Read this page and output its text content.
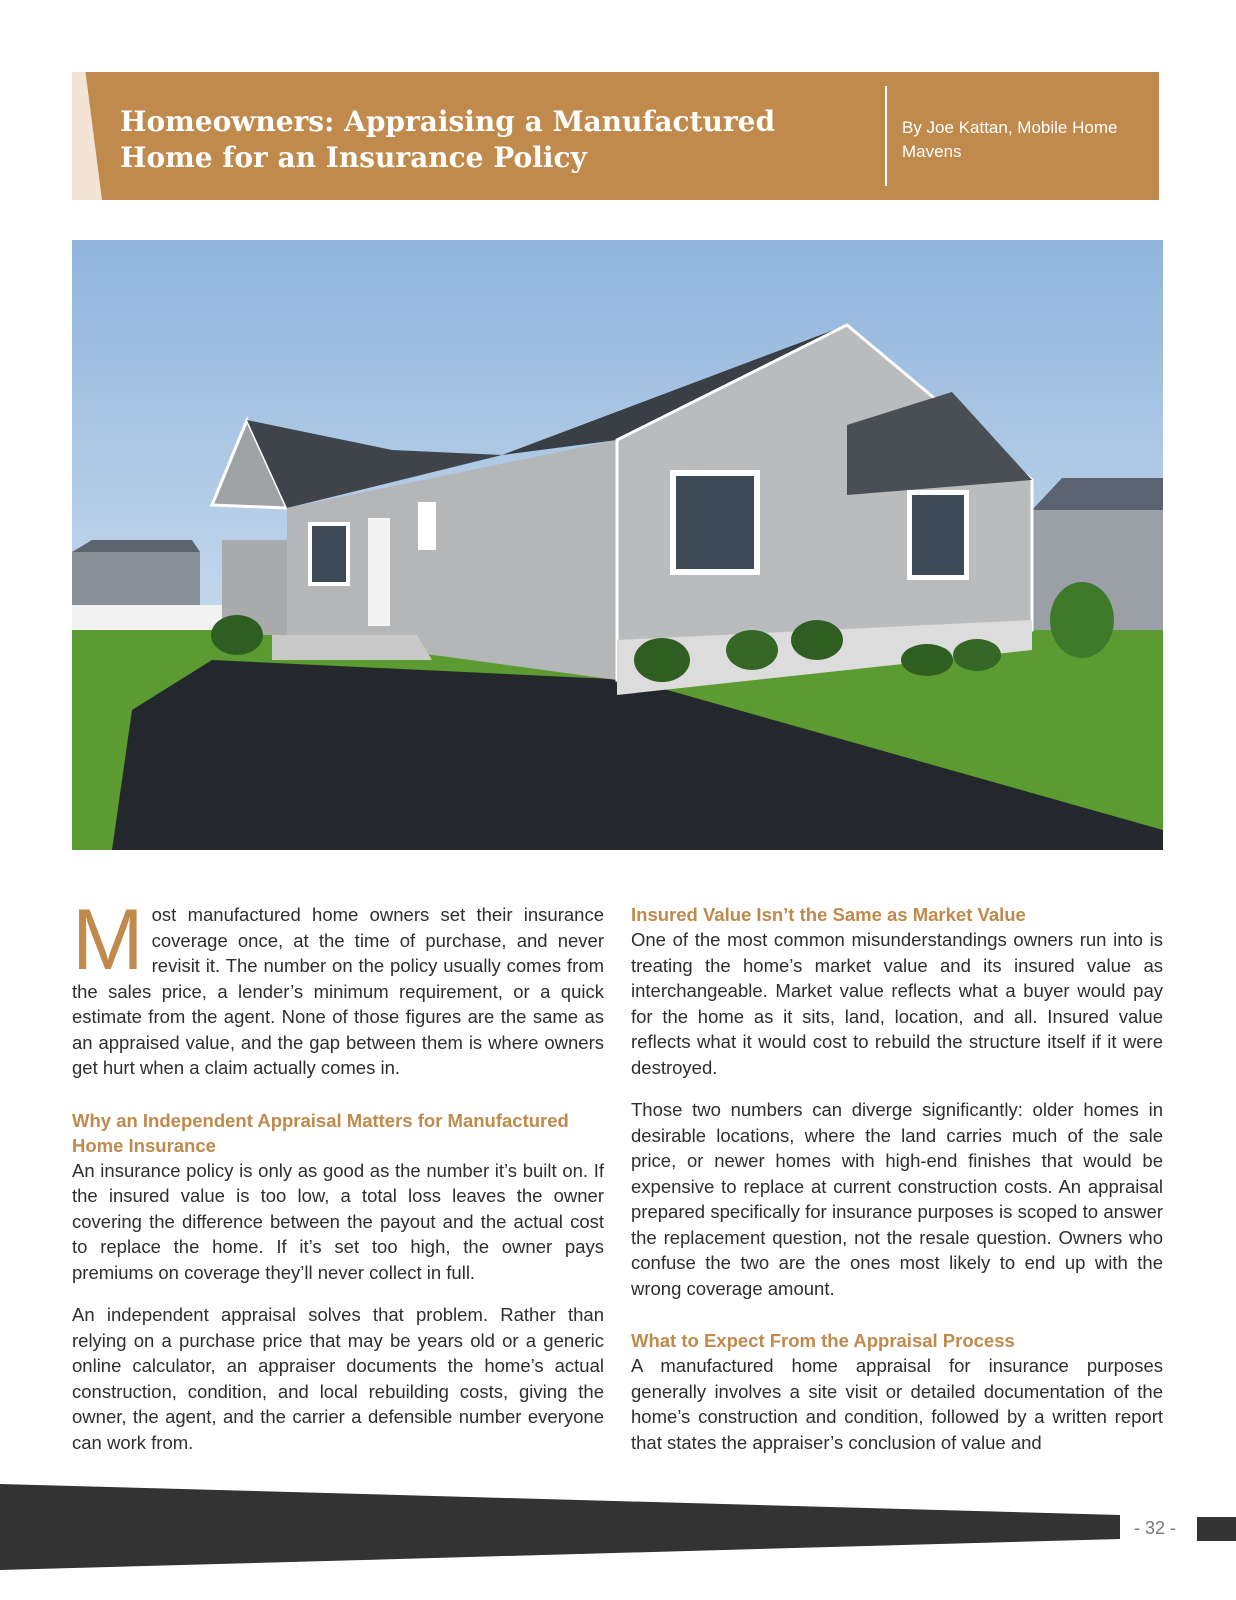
Homeowners: Appraising a Manufactured Home for an Insurance Policy
By Joe Kattan, Mobile Home Mavens

Most manufactured home owners set their insurance coverage once, at the time of purchase, and never revisit it. The number on the policy usually comes from the sales price, a lender’s minimum requirement, or a quick estimate from the agent. None of those figures are the same as an appraised value, and the gap between them is where owners get hurt when a claim actually comes in.

Why an Independent Appraisal Matters for Manufactured Home Insurance

An insurance policy is only as good as the number it’s built on. If the insured value is too low, a total loss leaves the owner covering the difference between the payout and the actual cost to replace the home. If it’s set too high, the owner pays premiums on coverage they’ll never collect in full.

An independent appraisal solves that problem. Rather than relying on a purchase price that may be years old or a generic online calculator, an appraiser documents the home’s actual construction, condition, and local rebuilding costs, giving the owner, the agent, and the carrier a defensible number everyone can work from.

Insured Value Isn’t the Same as Market Value

One of the most common misunderstandings owners run into is treating the home’s market value and its insured value as interchangeable. Market value reflects what a buyer would pay for the home as it sits, land, location, and all. Insured value reflects what it would cost to rebuild the structure itself if it were destroyed.

Those two numbers can diverge significantly: older homes in desirable locations, where the land carries much of the sale price, or newer homes with high-end finishes that would be expensive to replace at current construction costs. An appraisal prepared specifically for insurance purposes is scoped to answer the replacement question, not the resale question. Owners who confuse the two are the ones most likely to end up with the wrong coverage amount.

What to Expect From the Appraisal Process

A manufactured home appraisal for insurance purposes generally involves a site visit or detailed documentation of the home’s construction and condition, followed by a written report that states the appraiser’s conclusion of value and

- 32 -
